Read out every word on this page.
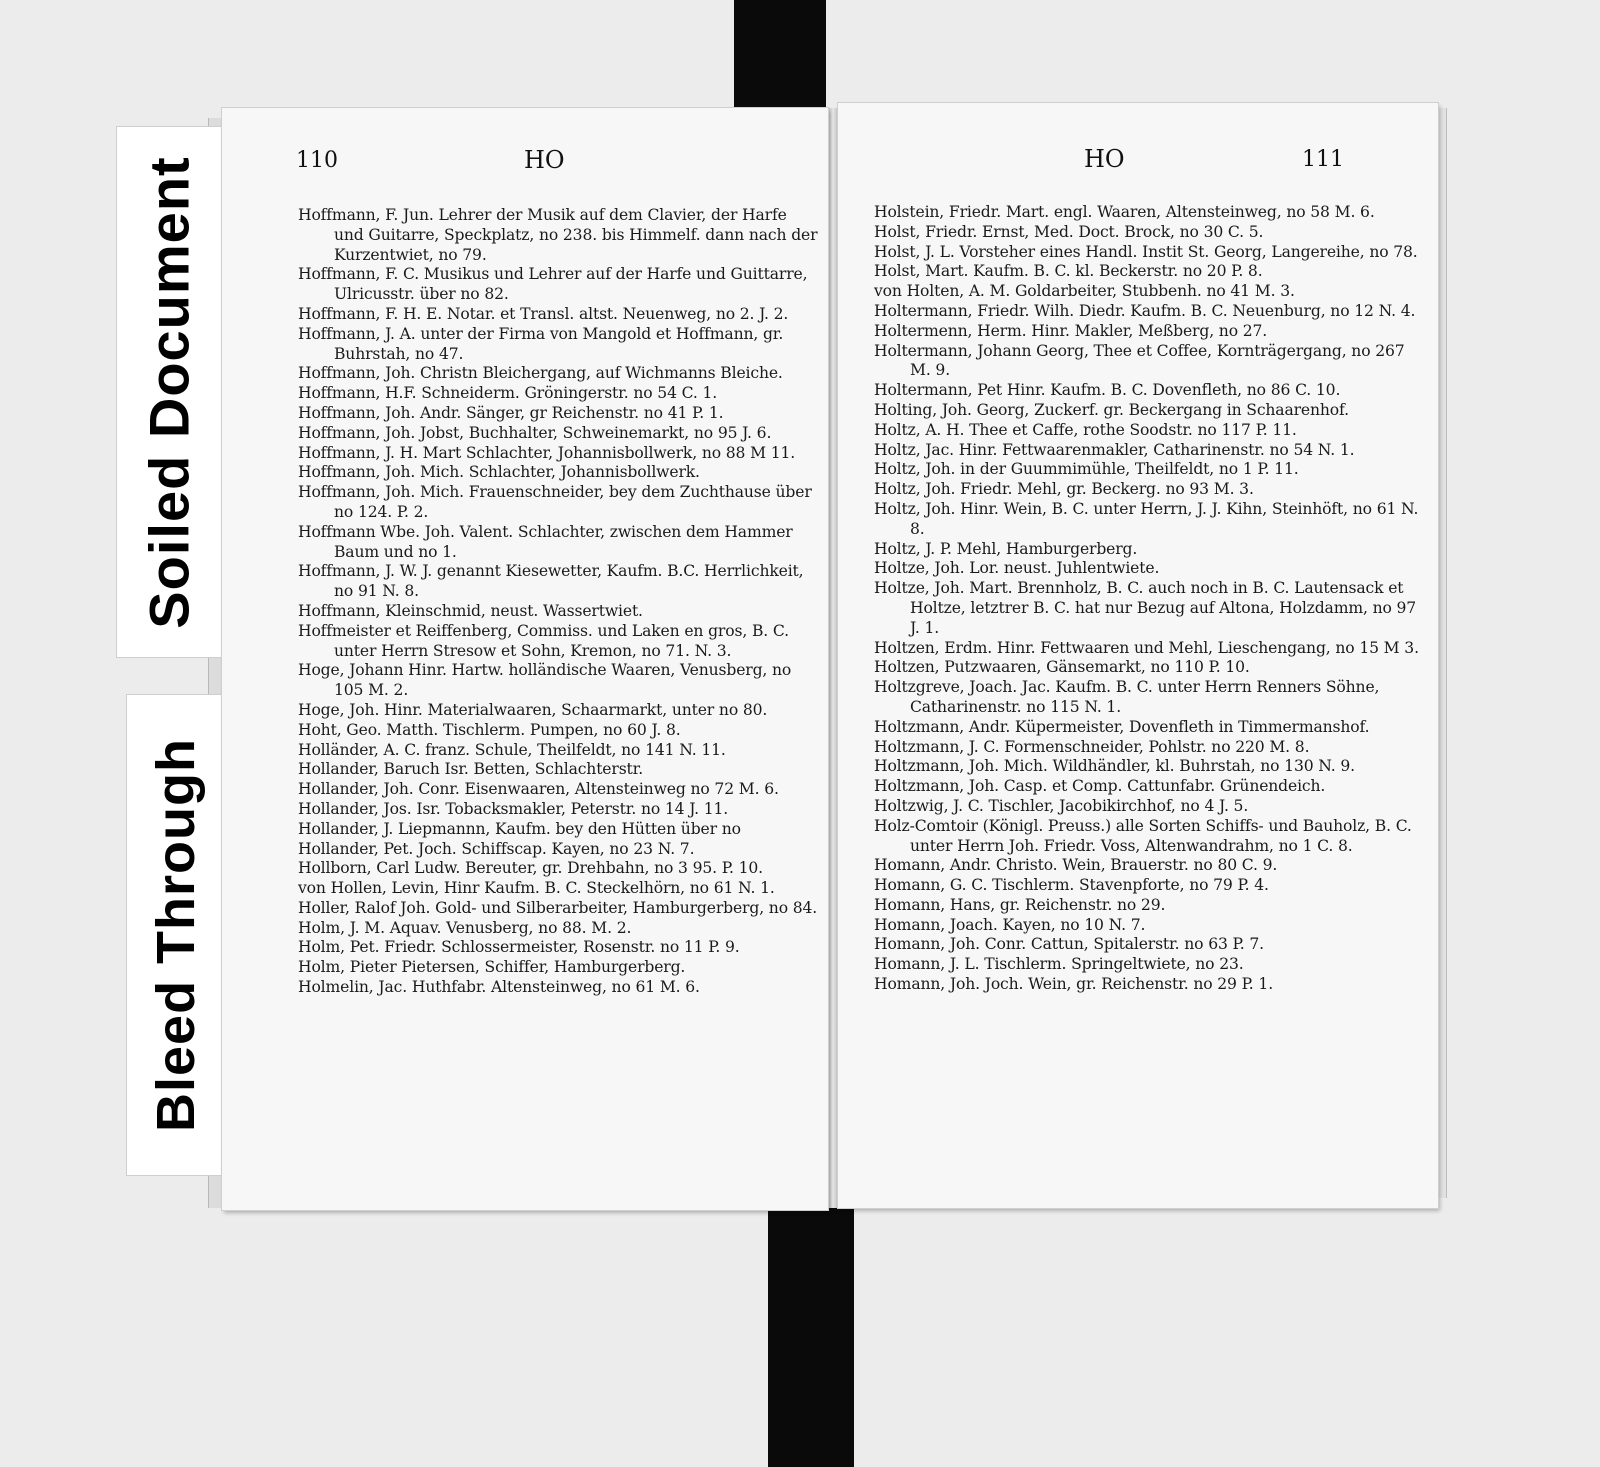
Soiled Document
Bleed Through
110	HO

Hoffmann, F. Jun. Lehrer der Musik auf dem Clavier, der Harfe und Guitarre, Speckplatz, no 238. bis Himmelf. dann nach der Kurzentwiet, no 79.

Hoffmann, F. C. Musikus und Lehrer auf der Harfe und Guittarre, Ulricusstr. über no 82.

Hoffmann, F. H. E. Notar. et Transl. altst. Neuenweg, no 2. J. 2.

Hoffmann, J. A. unter der Firma von Mangold et Hoffmann, gr. Buhrstah, no 47.

Hoffmann, Joh. Christn Bleichergang, auf Wichmanns Bleiche.

Hoffmann, H.F. Schneiderm. Gröningerstr. no 54 C. 1.

Hoffmann, Joh. Andr. Sänger, gr Reichenstr. no 41 P. 1.

Hoffmann, Joh. Jobst, Buchhalter, Schweinemarkt, no 95 J. 6.

Hoffmann, J. H. Mart Schlachter, Johannisbollwerk, no 88 M 11.

Hoffmann, Joh. Mich. Schlachter, Johannisbollwerk.

Hoffmann, Joh. Mich. Frauenschneider, bey dem Zuchthause über no 124. P. 2.

Hoffmann Wbe. Joh. Valent. Schlachter, zwischen dem Hammer Baum und no 1.

Hoffmann, J. W. J. genannt Kiesewetter, Kaufm. B.C. Herrlichkeit, no 91 N. 8.

Hoffmann, Kleinschmid, neust. Wassertwiet.

Hoffmeister et Reiffenberg, Commiss. und Laken en gros, B. C. unter Herrn Stresow et Sohn, Kremon, no 71. N. 3.

Hoge, Johann Hinr. Hartw. holländische Waaren, Venusberg, no 105 M. 2.

Hoge, Joh. Hinr. Materialwaaren, Schaarmarkt, unter no 80.

Hoht, Geo. Matth. Tischlerm. Pumpen, no 60 J. 8.

Holländer, A. C. franz. Schule, Theilfeldt, no 141 N. 11.

Hollander, Baruch Isr. Betten, Schlachterstr.

Hollander, Joh. Conr. Eisenwaaren, Altensteinweg no 72 M. 6.

Hollander, Jos. Isr. Tobacksmakler, Peterstr. no 14 J. 11.

Hollander, J. Liepmannn, Kaufm. bey den Hütten über no

Hollander, Pet. Joch. Schiffscap. Kayen, no 23 N. 7.

Hollborn, Carl Ludw. Bereuter, gr. Drehbahn, no 3 95. P. 10.

von Hollen, Levin, Hinr Kaufm. B. C. Steckelhörn, no 61 N. 1.

Holler, Ralof Joh. Gold- und Silberarbeiter, Hamburgerberg, no 84.

Holm, J. M. Aquav. Venusberg, no 88. M. 2.

Holm, Pet. Friedr. Schlossermeister, Rosenstr. no 11 P. 9.

Holm, Pieter Pietersen, Schiffer, Hamburgerberg.

Holmelin, Jac. Huthfabr. Altensteinweg, no 61 M. 6.

HO	111

Holstein, Friedr. Mart. engl. Waaren, Altensteinweg, no 58 M. 6.

Holst, Friedr. Ernst, Med. Doct. Brock, no 30 C. 5.

Holst, J. L. Vorsteher eines Handl. Instit St. Georg, Langereihe, no 78.

Holst, Mart. Kaufm. B. C. kl. Beckerstr. no 20 P. 8.

von Holten, A. M. Goldarbeiter, Stubbenh. no 41 M. 3.

Holtermann, Friedr. Wilh. Diedr. Kaufm. B. C. Neuenburg, no 12 N. 4.

Holtermenn, Herm. Hinr. Makler, Meßberg, no 27.

Holtermann, Johann Georg, Thee et Coffee, Kornträgergang, no 267 M. 9.

Holtermann, Pet Hinr. Kaufm. B. C. Dovenfleth, no 86 C. 10.

Holting, Joh. Georg, Zuckerf. gr. Beckergang in Schaarenhof.

Holtz, A. H. Thee et Caffe, rothe Soodstr. no 117 P. 11.

Holtz, Jac. Hinr. Fettwaarenmakler, Catharinenstr. no 54 N. 1.

Holtz, Joh. in der Guummimühle, Theilfeldt, no 1 P. 11.

Holtz, Joh. Friedr. Mehl, gr. Beckerg. no 93 M. 3.

Holtz, Joh. Hinr. Wein, B. C. unter Herrn, J. J. Kihn, Steinhöft, no 61 N. 8.

Holtz, J. P. Mehl, Hamburgerberg.

Holtze, Joh. Lor. neust. Juhlentwiete.

Holtze, Joh. Mart. Brennholz, B. C. auch noch in B. C. Lautensack et Holtze, letztrer B. C. hat nur Bezug auf Altona, Holzdamm, no 97 J. 1.

Holtzen, Erdm. Hinr. Fettwaaren und Mehl, Lieschengang, no 15 M 3.

Holtzen, Putzwaaren, Gänsemarkt, no 110 P. 10.

Holtzgreve, Joach. Jac. Kaufm. B. C. unter Herrn Renners Söhne, Catharinenstr. no 115 N. 1.

Holtzmann, Andr. Küpermeister, Dovenfleth in Timmermanshof.

Holtzmann, J. C. Formenschneider, Pohlstr. no 220 M. 8.

Holtzmann, Joh. Mich. Wildhändler, kl. Buhrstah, no 130 N. 9.

Holtzmann, Joh. Casp. et Comp. Cattunfabr. Grünendeich.

Holtzwig, J. C. Tischler, Jacobikirchhof, no 4 J. 5.

Holz-Comtoir (Königl. Preuss.) alle Sorten Schiffs- und Bauholz, B. C. unter Herrn Joh. Friedr. Voss, Altenwandrahm, no 1 C. 8.

Homann, Andr. Christo. Wein, Brauerstr. no 80 C. 9.

Homann, G. C. Tischlerm. Stavenpforte, no 79 P. 4.

Homann, Hans, gr. Reichenstr. no 29.

Homann, Joach. Kayen, no 10 N. 7.

Homann, Joh. Conr. Cattun, Spitalerstr. no 63 P. 7.

Homann, J. L. Tischlerm. Springeltwiete, no 23.

Homann, Joh. Joch. Wein, gr. Reichenstr. no 29 P. 1.
